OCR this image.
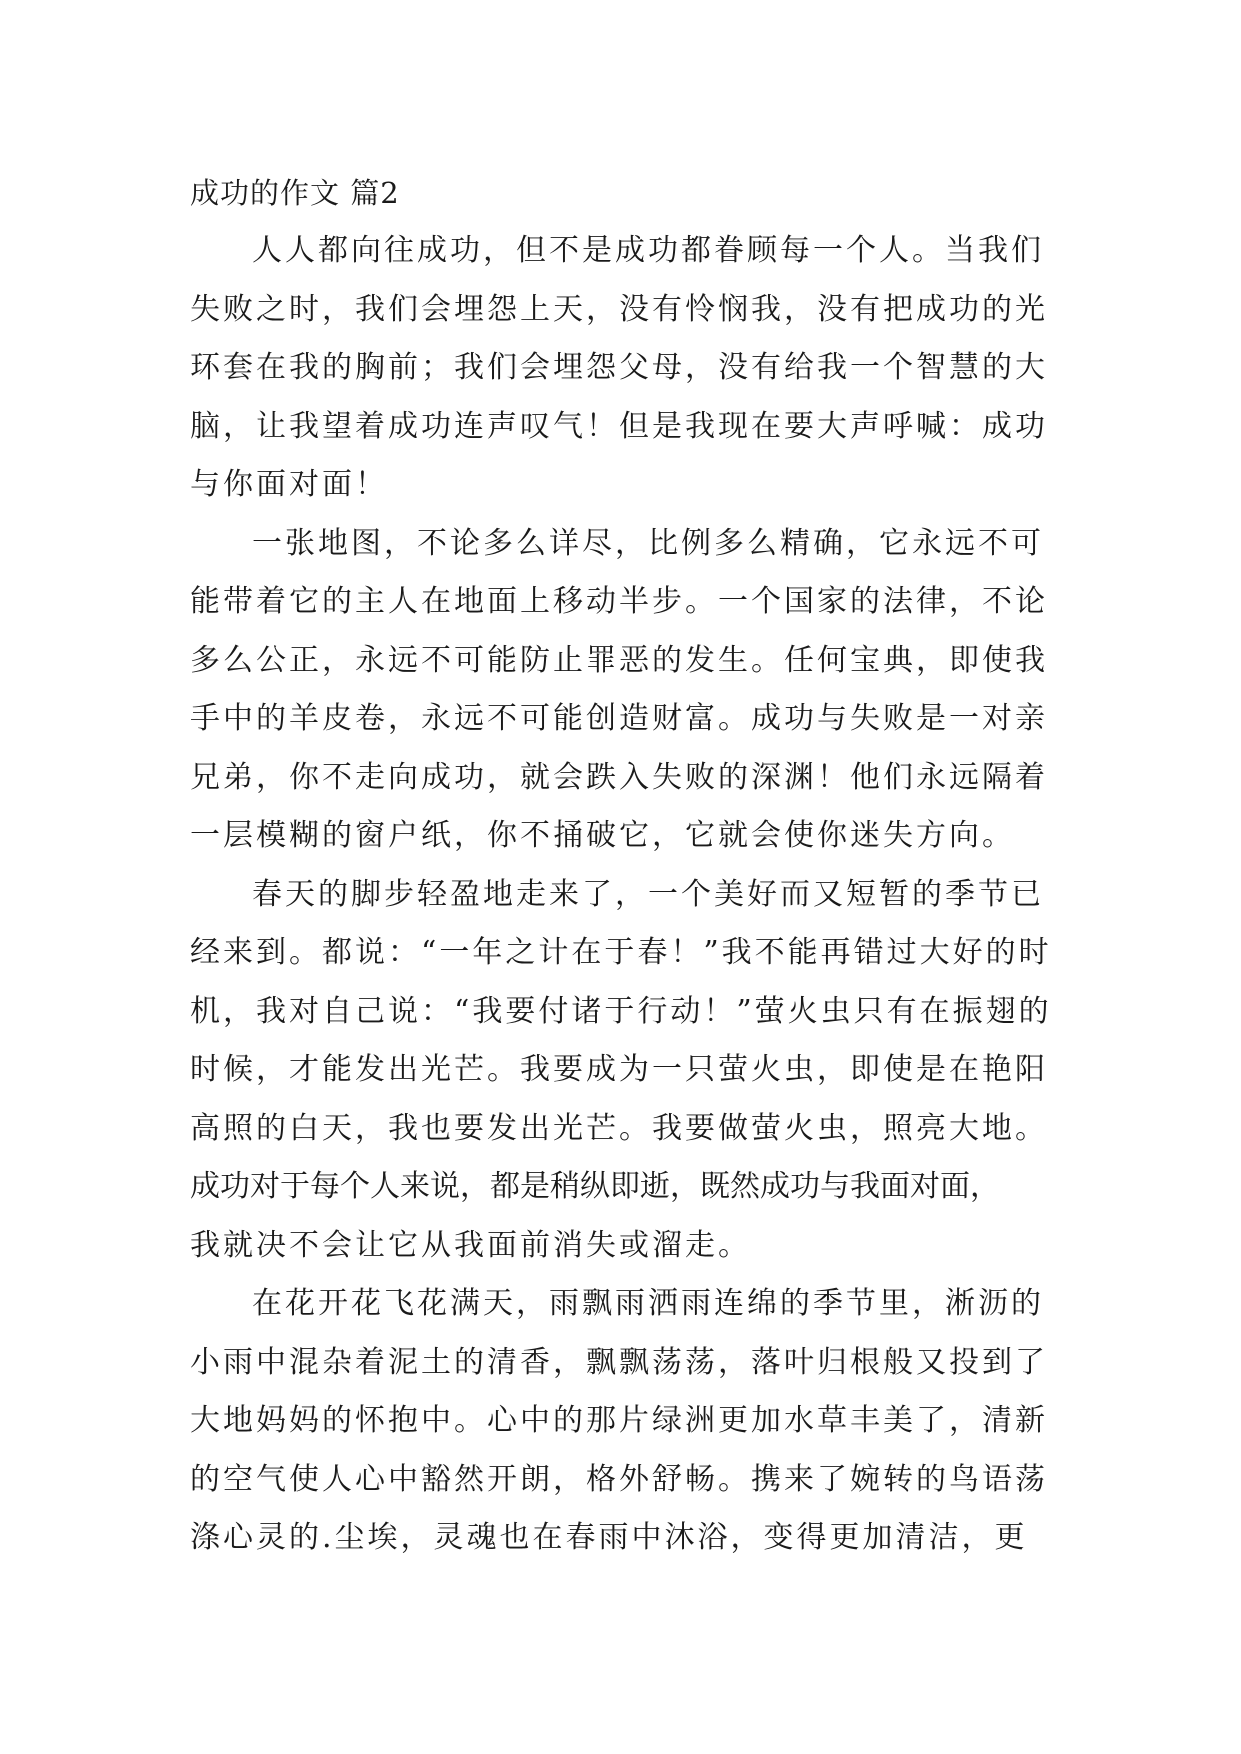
成功的作文 篇2
人人都向往成功，但不是成功都眷顾每一个人。当我们
失败之时，我们会埋怨上天，没有怜悯我，没有把成功的光
环套在我的胸前；我们会埋怨父母，没有给我一个智慧的大
脑，让我望着成功连声叹气！但是我现在要大声呼喊：成功
与你面对面！
一张地图，不论多么详尽，比例多么精确，它永远不可
能带着它的主人在地面上移动半步。一个国家的法律，不论
多么公正，永远不可能防止罪恶的发生。任何宝典，即使我
手中的羊皮卷，永远不可能创造财富。成功与失败是一对亲
兄弟，你不走向成功，就会跌入失败的深渊！他们永远隔着
一层模糊的窗户纸，你不捅破它，它就会使你迷失方向。
春天的脚步轻盈地走来了，一个美好而又短暂的季节已
经来到。都说：“一年之计在于春！”我不能再错过大好的时
机，我对自己说：“我要付诸于行动！”萤火虫只有在振翅的
时候，才能发出光芒。我要成为一只萤火虫，即使是在艳阳
高照的白天，我也要发出光芒。我要做萤火虫，照亮大地。
成功对于每个人来说，都是稍纵即逝，既然成功与我面对面，
我就决不会让它从我面前消失或溜走。
在花开花飞花满天，雨飘雨洒雨连绵的季节里，淅沥的
小雨中混杂着泥土的清香，飘飘荡荡，落叶归根般又投到了
大地妈妈的怀抱中。心中的那片绿洲更加水草丰美了，清新
的空气使人心中豁然开朗，格外舒畅。携来了婉转的鸟语荡
涤心灵的.尘埃，灵魂也在春雨中沐浴，变得更加清洁，更
